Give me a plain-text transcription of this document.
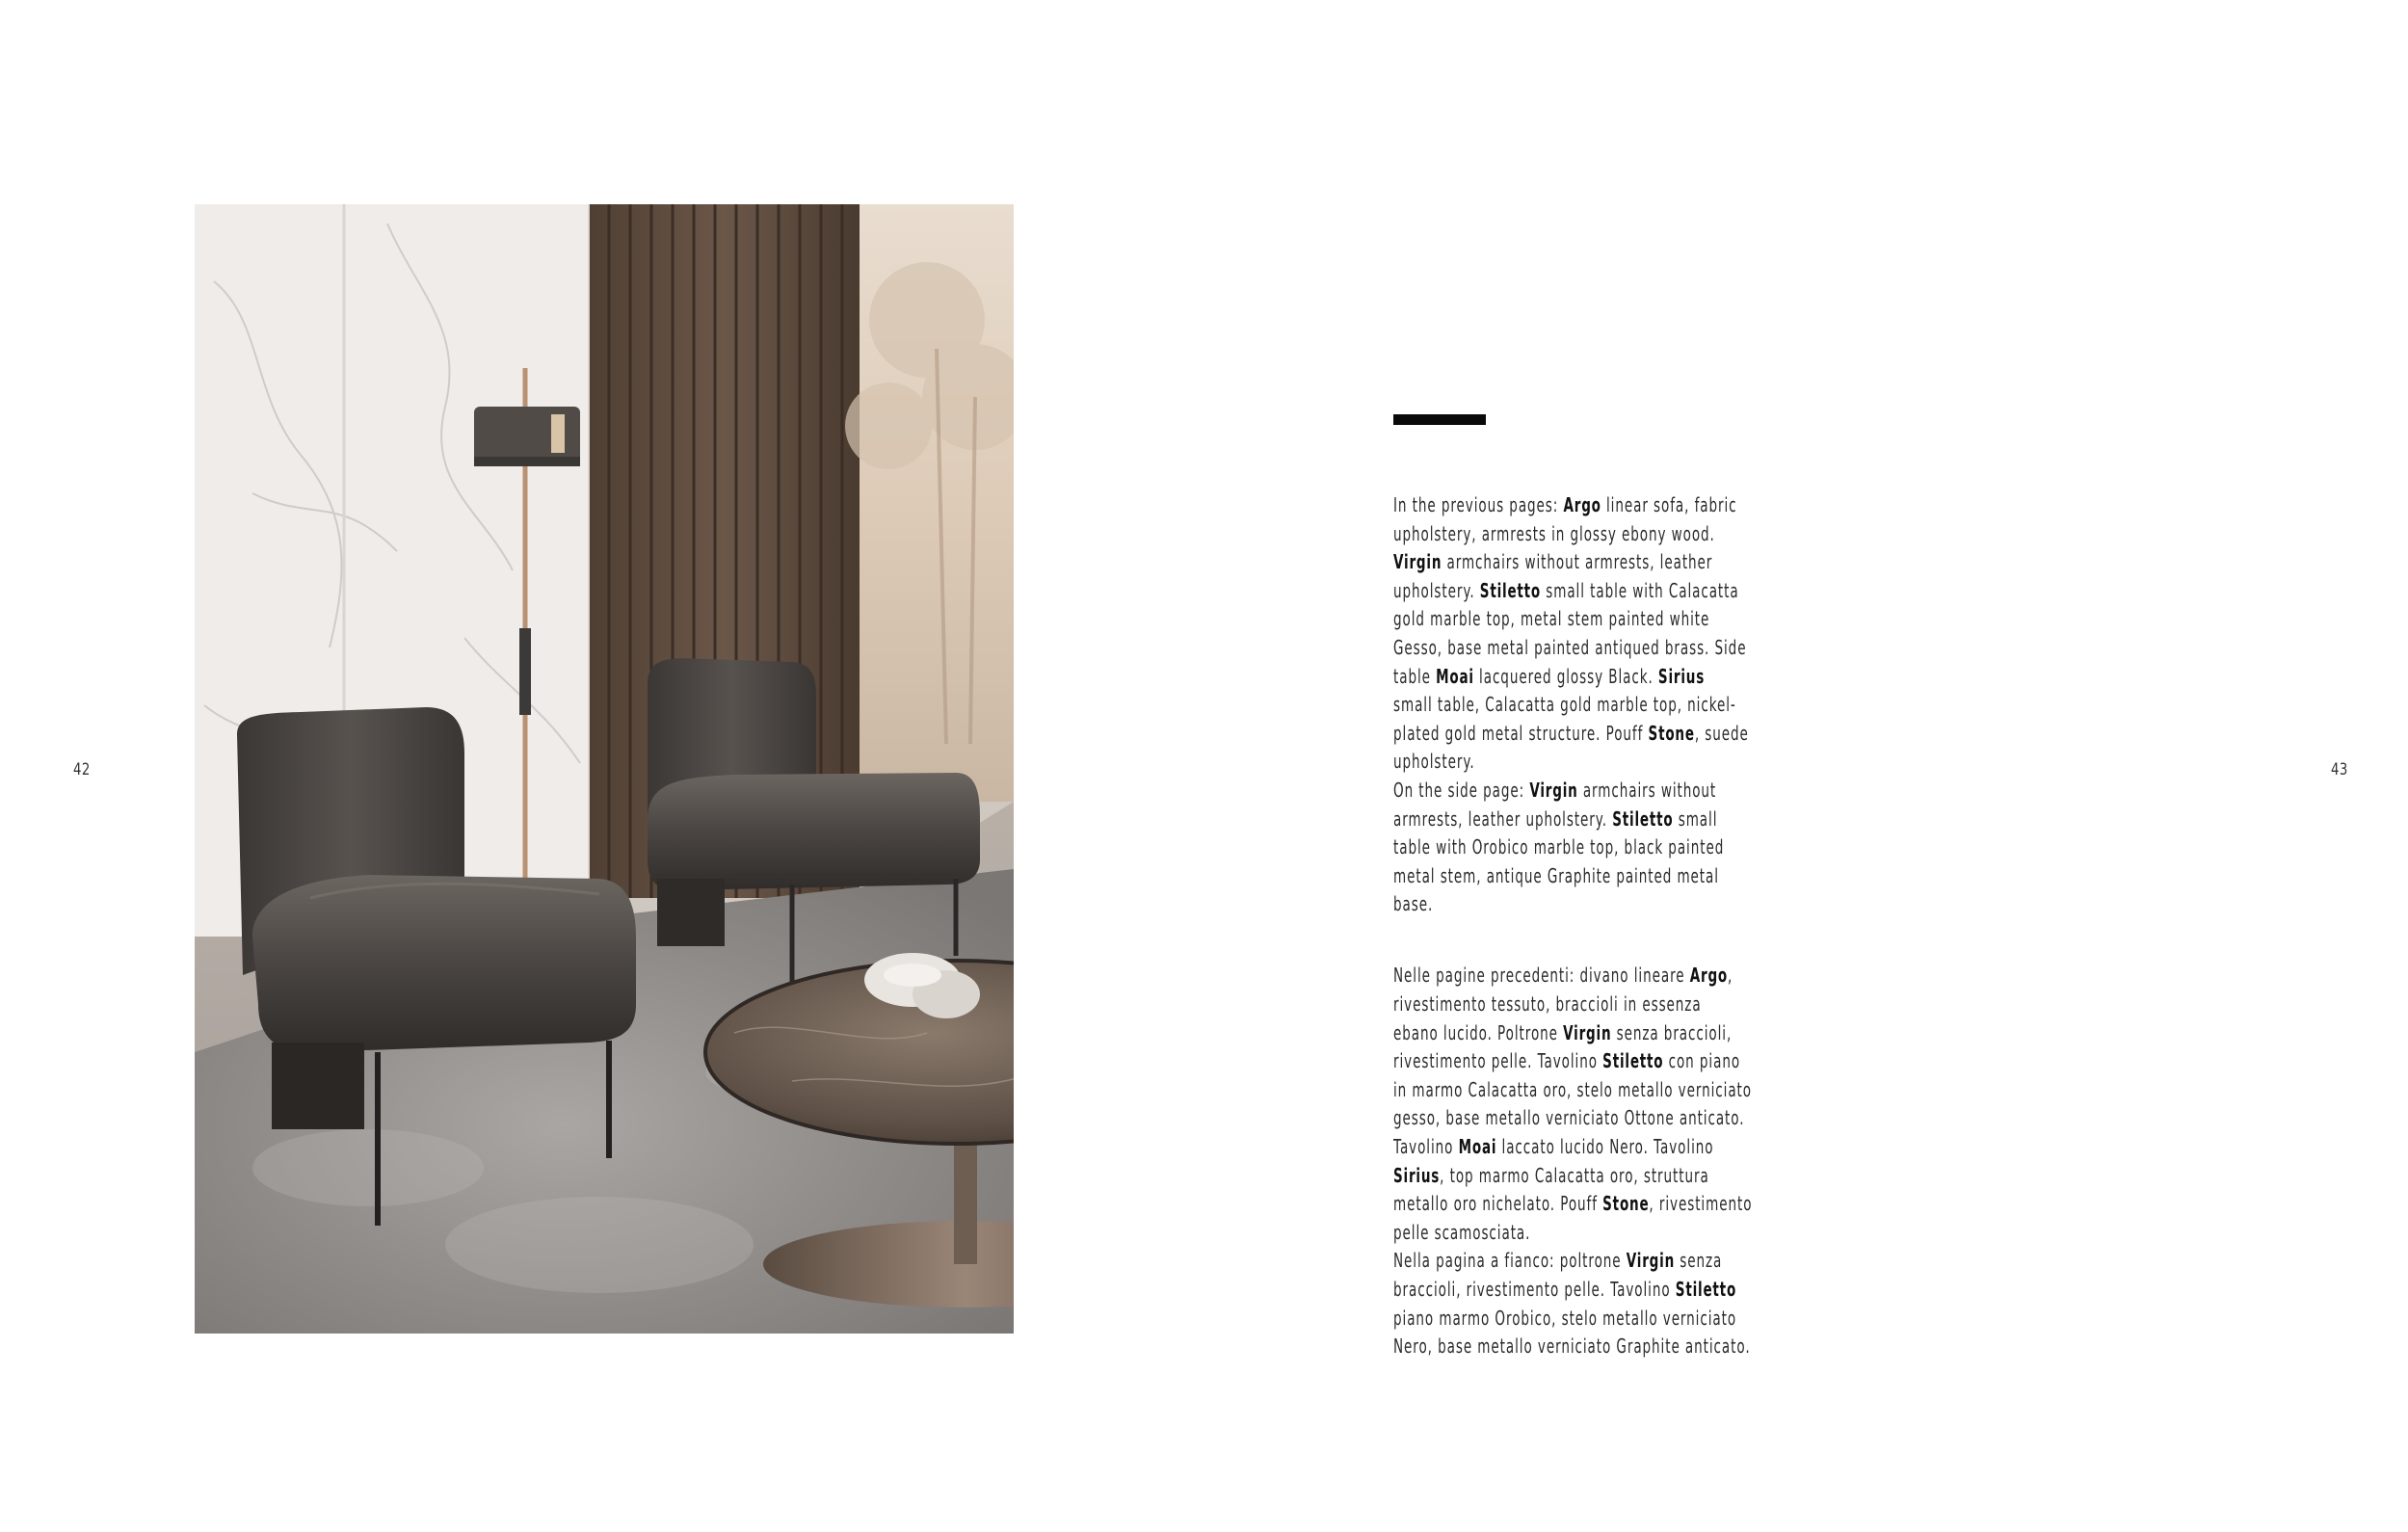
42	43

In the previous pages: Argo linear sofa, fabric

upholstery, armrests in glossy ebony wood.

Virgin armchairs without armrests, leather

upholstery. Stiletto small table with Calacatta

gold marble top, metal stem painted white

Gesso, base metal painted antiqued brass. Side

table Moai lacquered glossy Black. Sirius

small table, Calacatta gold marble top, nickel-

plated gold metal structure. Pouff Stone, suede

upholstery.

On the side page: Virgin armchairs without

armrests, leather upholstery. Stiletto small

table with Orobico marble top, black painted

metal stem, antique Graphite painted metal

base.

Nelle pagine precedenti: divano lineare Argo,

rivestimento tessuto, braccioli in essenza

ebano lucido. Poltrone Virgin senza braccioli,

rivestimento pelle. Tavolino Stiletto con piano

in marmo Calacatta oro, stelo metallo verniciato

gesso, base metallo verniciato Ottone anticato.

Tavolino Moai laccato lucido Nero. Tavolino

Sirius, top marmo Calacatta oro, struttura

metallo oro nichelato. Pouff Stone, rivestimento

pelle scamosciata.

Nella pagina a fianco: poltrone Virgin senza

braccioli, rivestimento pelle. Tavolino Stiletto

piano marmo Orobico, stelo metallo verniciato

Nero, base metallo verniciato Graphite anticato.
